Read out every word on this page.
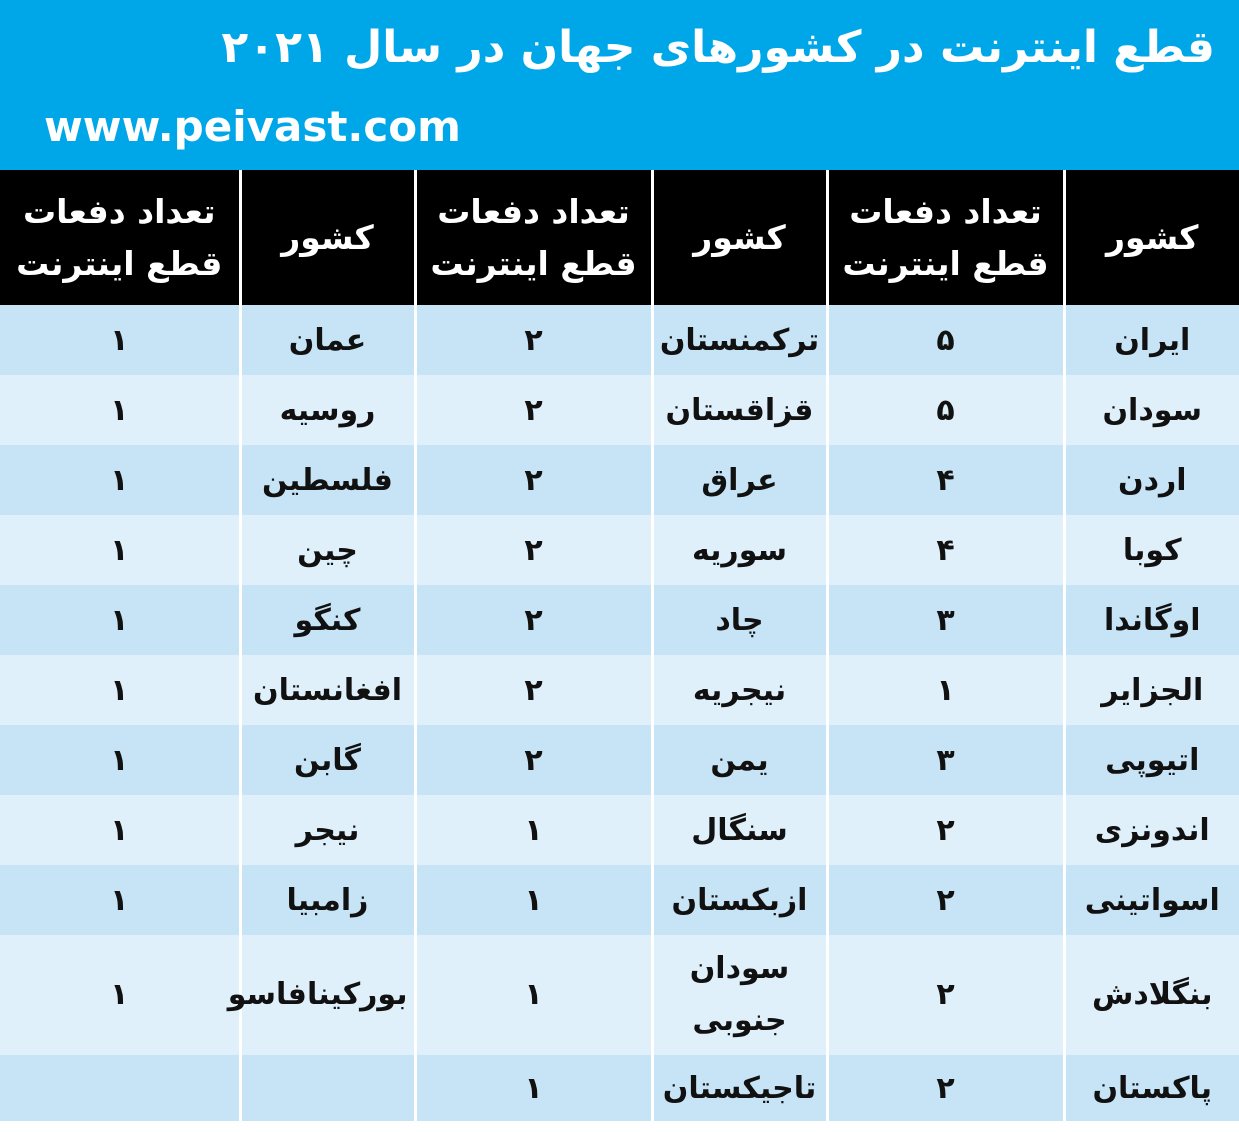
قطع اینترنت در کشورهای جهان در سال ۲۰۲۱
www.peivast.com
کشور	تعداد دفعات قطع اینترنت	کشور	تعداد دفعات قطع اینترنت	کشور	تعداد دفعات قطع اینترنت
ایران	۵	ترکمنستان	۲	عمان	۱
سودان	۵	قزاقستان	۲	روسیه	۱
اردن	۴	عراق	۲	فلسطین	۱
کوبا	۴	سوریه	۲	چین	۱
اوگاندا	۳	چاد	۲	کنگو	۱
الجزایر	۱	نیجریه	۲	افغانستان	۱
اتیوپی	۳	یمن	۲	گابن	۱
اندونزی	۲	سنگال	۱	نیجر	۱
اسواتینی	۲	ازبکستان	۱	زامبیا	۱
بنگلادش	۲	سودان جنوبی	۱	بورکینافاسو	۱
پاکستان	۲	تاجیکستان	۱		
